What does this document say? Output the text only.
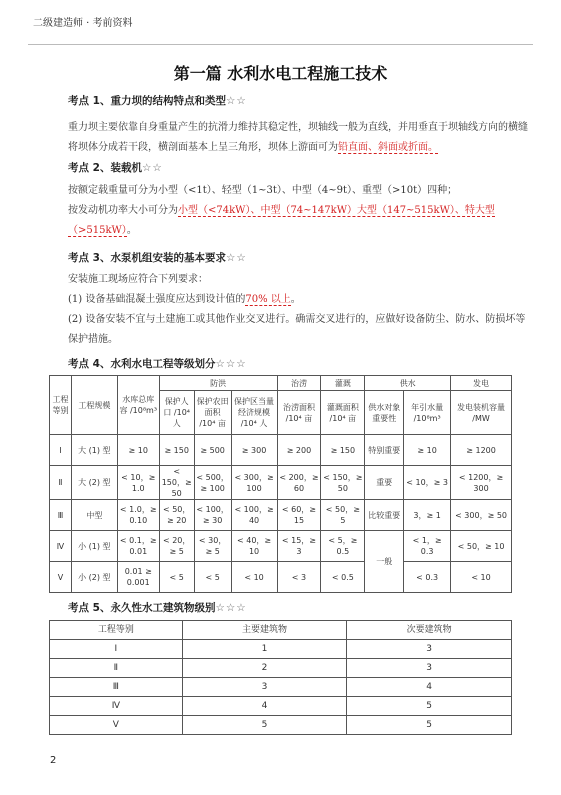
二级建造师 · 考前资料
第一篇 水利水电工程施工技术
考点 1、重力坝的结构特点和类型☆☆
重力坝主要依靠自身重量产生的抗滑力维持其稳定性，坝轴线一般为直线，并用垂直于坝轴线方向的横缝将坝体分成若干段，横剖面基本上呈三角形，坝体上游面可为铅直面、斜面或折面。
考点 2、装载机☆☆
按额定载重量可分为小型（<1t）、轻型（1~3t）、中型（4~9t）、重型（>10t）四种；
按发动机功率大小可分为小型（<74kW）、中型（74~147kW）大型（147~515kW）、特大型（>515kW）。
考点 3、水泵机组安装的基本要求☆☆
安装施工现场应符合下列要求：
(1) 设备基础混凝土强度应达到设计值的70% 以上。
(2) 设备安装不宜与土建施工或其他作业交叉进行。确需交叉进行的，应做好设备防尘、防水、防损坏等保护措施。
考点 4、水利水电工程等级划分☆☆☆
工程等别	工程规模	水库总库容 /10⁸m³	防洪			治涝	灌溉	供水		发电
			保护人口 /10⁴ 人	保护农田面积 /10⁴ 亩	保护区当量经济规模 /10⁴ 人	治涝面积 /10⁴ 亩	灌溉面积 /10⁴ 亩	供水对象重要性	年引水量 /10⁸m³	发电装机容量 /MW
Ⅰ	大 (1) 型	≥ 10	≥ 150	≥ 500	≥ 300	≥ 200	≥ 150	特别重要	≥ 10	≥ 1200
Ⅱ	大 (2) 型	< 10，≥ 1.0	< 150，≥ 50	< 500，≥ 100	< 300，≥ 100	< 200，≥ 60	< 150，≥ 50	重要	< 10，≥ 3	< 1200，≥ 300
Ⅲ	中型	< 1.0，≥ 0.10	< 50，≥ 20	< 100，≥ 30	< 100，≥ 40	< 60，≥ 15	< 50，≥ 5	比较重要	3，≥ 1	< 300，≥ 50
Ⅳ	小 (1) 型	< 0.1，≥ 0.01	< 20，≥ 5	< 30，≥ 5	< 40，≥ 10	< 15，≥ 3	< 5，≥ 0.5	一般	< 1，≥ 0.3	< 50，≥ 10
Ⅴ	小 (2) 型	0.01 ≥ 0.001	< 5	< 5	< 10	< 3	< 0.5		< 0.3	< 10
考点 5、永久性水工建筑物级别☆☆☆
工程等别	主要建筑物	次要建筑物
Ⅰ	1	3
Ⅱ	2	3
Ⅲ	3	4
Ⅳ	4	5
Ⅴ	5	5
2
